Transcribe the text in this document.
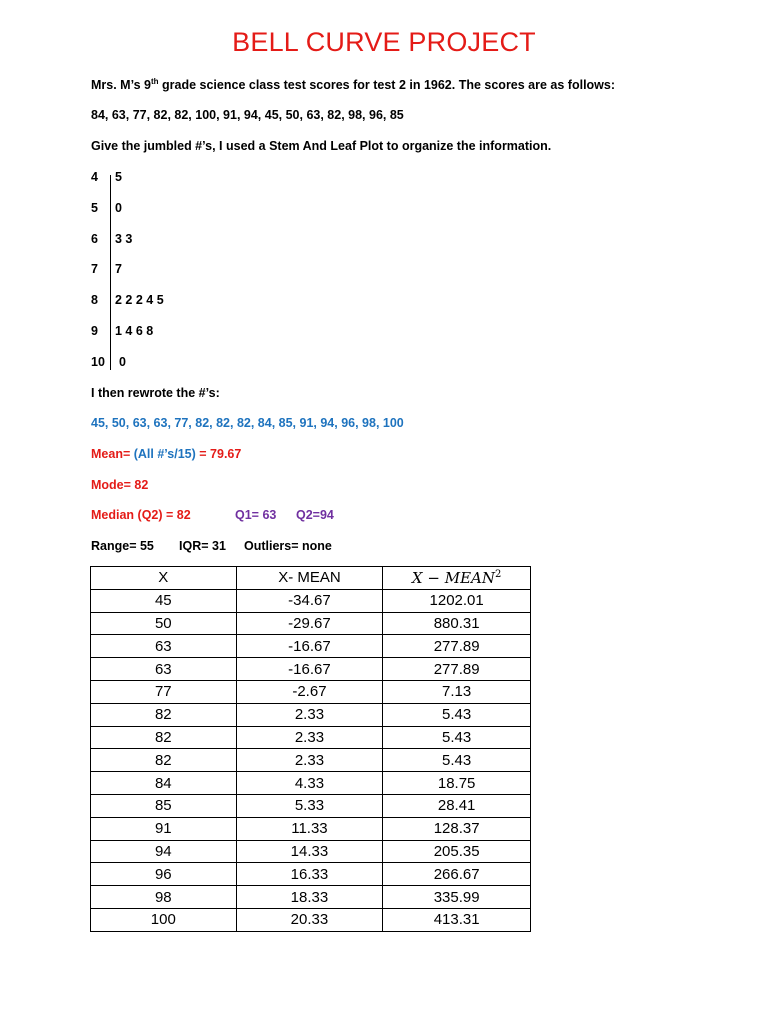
BELL CURVE PROJECT
Mrs. M’s 9th grade science class test scores for test 2 in 1962. The scores are as follows:
84, 63, 77, 82, 82, 100, 91, 94, 45, 50, 63, 82, 98, 96, 85
Give the jumbled #’s, I used a Stem And Leaf Plot to organize the information.
4	5
5	0
6	3 3
7	7
8	2 2 2 4 5
9	1 4 6 8
10	0
I then rewrote the #’s:
45, 50, 63, 63, 77, 82, 82, 82, 84, 85, 91, 94, 96, 98, 100
Mean= (All #’s/15) = 79.67
Mode= 82
Median (Q2) = 82	Q1= 63 Q2=94
Range= 55 IQR= 31 Outliers= none
X	X- MEAN	$X - MEAN^2$
45	-34.67	1202.01
50	-29.67	880.31
63	-16.67	277.89
63	-16.67	277.89
77	-2.67	7.13
82	2.33	5.43
82	2.33	5.43
82	2.33	5.43
84	4.33	18.75
85	5.33	28.41
91	11.33	128.37
94	14.33	205.35
96	16.33	266.67
98	18.33	335.99
100	20.33	413.31
